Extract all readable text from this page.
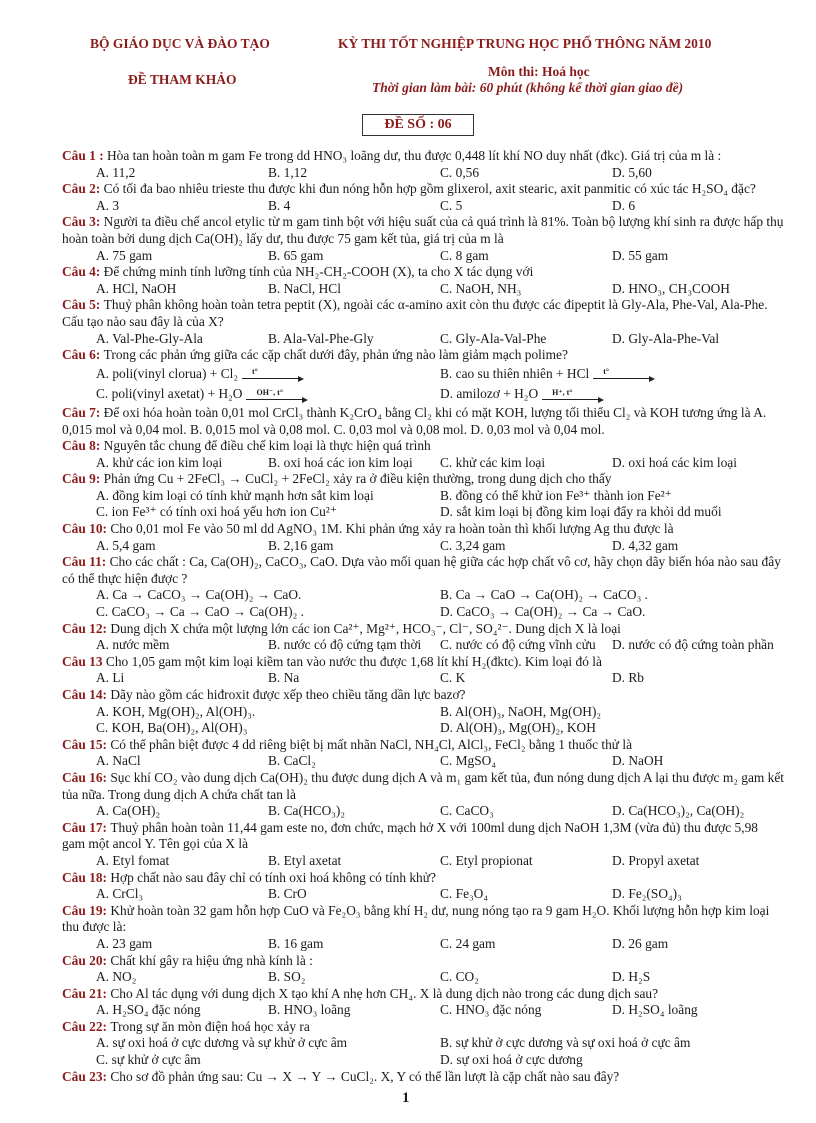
BỘ GIÁO DỤC VÀ ĐÀO TẠO	KỲ THI TỐT NGHIỆP TRUNG HỌC PHỔ THÔNG NĂM 2010
ĐỀ THAM KHẢO
Môn thi: Hoá học
Thời gian làm bài: 60 phút (không kể thời gian giao đề)
ĐỀ SỐ : 06
Câu 1 : Hòa tan hoàn toàn m gam Fe trong dd HNO₃ loãng dư, thu được 0,448 lít khí NO duy nhất (đkc). Giá trị của m là :
A. 11,2	B. 1,12	C. 0,56	D. 5,60
Câu 2: Có tối đa bao nhiêu trieste thu được khi đun nóng hỗn hợp gồm glixerol, axit stearic, axit panmitic có xúc tác H₂SO₄ đặc?
A. 3	B. 4	C. 5	D. 6
Câu 3: Người ta điều chế ancol etylic từ m gam tinh bột với hiệu suất của cả quá trình là 81%. Toàn bộ lượng khí sinh ra được hấp thụ hoàn toàn bởi dung dịch Ca(OH)₂ lấy dư, thu được 75 gam kết tủa, giá trị của m là
A. 75 gam	B. 65 gam	C. 8 gam	D. 55 gam
Câu 4: Để chứng minh tính lưỡng tính của NH₂-CH₂-COOH (X), ta cho X tác dụng với
A. HCl, NaOH	B. NaCl, HCl	C. NaOH, NH₃	D. HNO₃, CH₃COOH
Câu 5: Thuỷ phân không hoàn toàn tetra peptit (X), ngoài các α-amino axit còn thu được các đipeptit là Gly-Ala, Phe-Val, Ala-Phe. Cấu tạo nào sau đây là của X?
A. Val-Phe-Gly-Ala	B. Ala-Val-Phe-Gly	C. Gly-Ala-Val-Phe	D. Gly-Ala-Phe-Val
Câu 6: Trong các phản ứng giữa các cặp chất dưới đây, phản ứng nào làm giảm mạch polime?
A. poli(vinyl clorua) + Cl₂ t°	B. cao su thiên nhiên + HCl t°
C. poli(vinyl axetat) + H₂O OH⁻, t°	D. amilozơ + H₂O H⁺, t°
Câu 7: Để oxi hóa hoàn toàn 0,01 mol CrCl₃ thành K₂CrO₄ bằng Cl₂ khi có mặt KOH, lượng tối thiểu Cl₂ và KOH tương ứng là A. 0,015 mol và 0,04 mol. B. 0,015 mol và 0,08 mol. C. 0,03 mol và 0,08 mol. D. 0,03 mol và 0,04 mol.
Câu 8: Nguyên tắc chung để điều chế kim loại là thực hiện quá trình
A. khử các ion kim loại	B. oxi hoá các ion kim loại	C. khử các kim loại	D. oxi hoá các kim loại
Câu 9: Phản ứng Cu + 2FeCl₃ → CuCl₂ + 2FeCl₂ xảy ra ở điều kiện thường, trong dung dịch cho thấy
A. đồng kim loại có tính khử mạnh hơn sắt kim loại	B. đồng có thể khử ion Fe³⁺ thành ion Fe²⁺
C. ion Fe³⁺ có tính oxi hoá yếu hơn ion Cu²⁺	D. sắt kim loại bị đồng kim loại đẩy ra khỏi dd muối
Câu 10: Cho 0,01 mol Fe vào 50 ml dd AgNO₃ 1M. Khi phản ứng xảy ra hoàn toàn thì khối lượng Ag thu được là
A. 5,4 gam	B. 2,16 gam	C. 3,24 gam	D. 4,32 gam
Câu 11: Cho các chất : Ca, Ca(OH)₂, CaCO₃, CaO. Dựa vào mối quan hệ giữa các hợp chất vô cơ, hãy chọn dãy biến hóa nào sau đây có thể thực hiện được ?
A. Ca → CaCO₃ → Ca(OH)₂ → CaO.	B. Ca → CaO → Ca(OH)₂ → CaCO₃ .
C. CaCO₃ → Ca → CaO → Ca(OH)₂ .	D. CaCO₃ → Ca(OH)₂ → Ca → CaO.
Câu 12: Dung dịch X chứa một lượng lớn các ion Ca²⁺, Mg²⁺, HCO₃⁻, Cl⁻, SO₄²⁻. Dung dịch X là loại
A. nước mềm	B. nước có độ cứng tạm thời	C. nước có độ cứng vĩnh cửu	D. nước có độ cứng toàn phần
Câu 13 Cho 1,05 gam một kim loại kiềm tan vào nước thu được 1,68 lít khí H₂(đktc). Kim loại đó là
A. Li	B. Na	C. K	D. Rb
Câu 14: Dãy nào gồm các hiđroxit được xếp theo chiều tăng dần lực bazơ?
A. KOH, Mg(OH)₂, Al(OH)₃.	B. Al(OH)₃, NaOH, Mg(OH)₂
C. KOH, Ba(OH)₂, Al(OH)₃	D. Al(OH)₃, Mg(OH)₂, KOH
Câu 15: Có thể phân biệt được 4 dd riêng biệt bị mất nhãn NaCl, NH₄Cl, AlCl₃, FeCl₂ bằng 1 thuốc thử là
A. NaCl	B. CaCl₂	C. MgSO₄	D. NaOH
Câu 16: Sục khí CO₂ vào dung dịch Ca(OH)₂ thu được dung dịch A và m₁ gam kết tủa, đun nóng dung dịch A lại thu được m₂ gam kết tủa nữa. Trong dung dịch A chứa chất tan là
A. Ca(OH)₂	B. Ca(HCO₃)₂	C. CaCO₃	D. Ca(HCO₃)₂, Ca(OH)₂
Câu 17: Thuỷ phân hoàn toàn 11,44 gam este no, đơn chức, mạch hở X với 100ml dung dịch NaOH 1,3M (vừa đủ) thu được 5,98 gam một ancol Y. Tên gọi của X là
A. Etyl fomat	B. Etyl axetat	C. Etyl propionat	D. Propyl axetat
Câu 18: Hợp chất nào sau đây chỉ có tính oxi hoá không có tính khử?
A. CrCl₃	B. CrO	C. Fe₃O₄	D. Fe₂(SO₄)₃
Câu 19: Khử hoàn toàn 32 gam hỗn hợp CuO và Fe₂O₃ bằng khí H₂ dư, nung nóng tạo ra 9 gam H₂O. Khối lượng hỗn hợp kim loại thu được là:
A. 23 gam	B. 16 gam	C. 24 gam	D. 26 gam
Câu 20: Chất khí gây ra hiệu ứng nhà kính là :
A. NO₂	B. SO₂	C. CO₂	D. H₂S
Câu 21: Cho Al tác dụng với dung dịch X tạo khí A nhẹ hơn CH₄. X là dung dịch nào trong các dung dịch sau?
A. H₂SO₄ đặc nóng	B. HNO₃ loãng	C. HNO₃ đặc nóng	D. H₂SO₄ loãng
Câu 22: Trong sự ăn mòn điện hoá học xảy ra
A. sự oxi hoá ở cực dương và sự khử ở cực âm	B. sự khử ở cực dương và sự oxi hoá ở cực âm
C. sự khử ở cực âm	D. sự oxi hoá ở cực dương
Câu 23: Cho sơ đồ phản ứng sau: Cu → X → Y → CuCl₂. X, Y có thể lần lượt là cặp chất nào sau đây?
1
